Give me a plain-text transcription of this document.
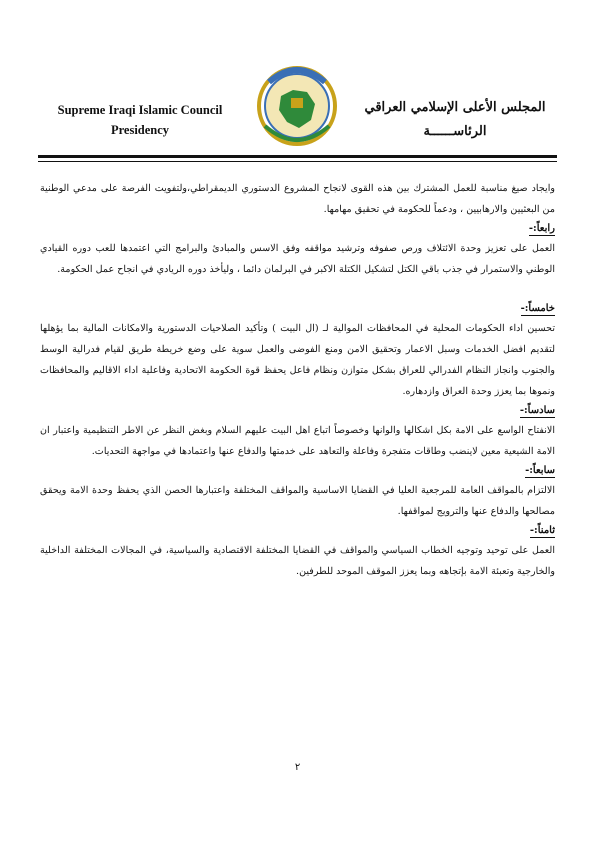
Supreme Iraqi Islamic Council
Presidency
المجلس الأعلى الإسلامي العراقي
الرئاســــــة

وايجاد صيغ مناسبة للعمل المشترك بين هذه القوى لانجاح المشروع الدستوري الديمقراطي،ولتفويت الفرصة على مدعي الوطنية من البعثيين والارهابيين ، ودعماً للحكومة في تحقيق مهامها.

رابعاً:-

العمل على تعزيز وحدة الائتلاف ورص صفوفه وترشيد مواقفه وفق الاسس والمبادئ والبرامج التي اعتمدها للعب دوره القيادي الوطني والاستمرار في جذب باقي الكتل لتشكيل الكتلة الاكبر في البرلمان دائما ، وليأخذ دوره الريادي في انجاح عمل الحكومة.

خامساً:-

تحسين اداء الحكومات المحلية في المحافظات الموالية لـ (ال البيت ) وتأكيد الصلاحيات الدستورية والامكانات المالية بما يؤهلها لتقديم افضل الخدمات وسبل الاعمار وتحقيق الامن ومنع الفوضى والعمل سوية على وضع خريطة طريق لقيام فدرالية الوسط والجنوب وانجاز النظام الفدرالي للعراق بشكل متوازن ونظام فاعل يحفظ قوة الحكومة الاتحادية وفاعلية اداء الاقاليم والمحافظات ونموها بما يعزز وحدة العراق وازدهاره.

سادساً:-

الانفتاح الواسع على الامة بكل اشكالها والوانها وخصوصاً اتباع اهل البيت عليهم السلام وبغض النظر عن الاطر التنظيمية واعتبار ان الامة الشيعية معين لاينضب وطاقات متفجرة وفاعلة والتعاهد على خدمتها والدفاع عنها واعتمادها في مواجهة التحديات.

سابعاً:-

الالتزام بالمواقف العامة للمرجعية العليا في القضايا الاساسية والمواقف المختلفة واعتبارها الحصن الذي يحفظ وحدة الامة ويحقق مصالحها والدفاع عنها والترويج لمواقفها.

ثامناً:-

العمل على توحيد وتوجيه الخطاب السياسي والمواقف في القضايا المختلفة الاقتصادية والسياسية، في المجالات المختلفة الداخلية والخارجية وتعبئة الامة بإتجاهه وبما يعزز الموقف الموحد للطرفين.

٢
